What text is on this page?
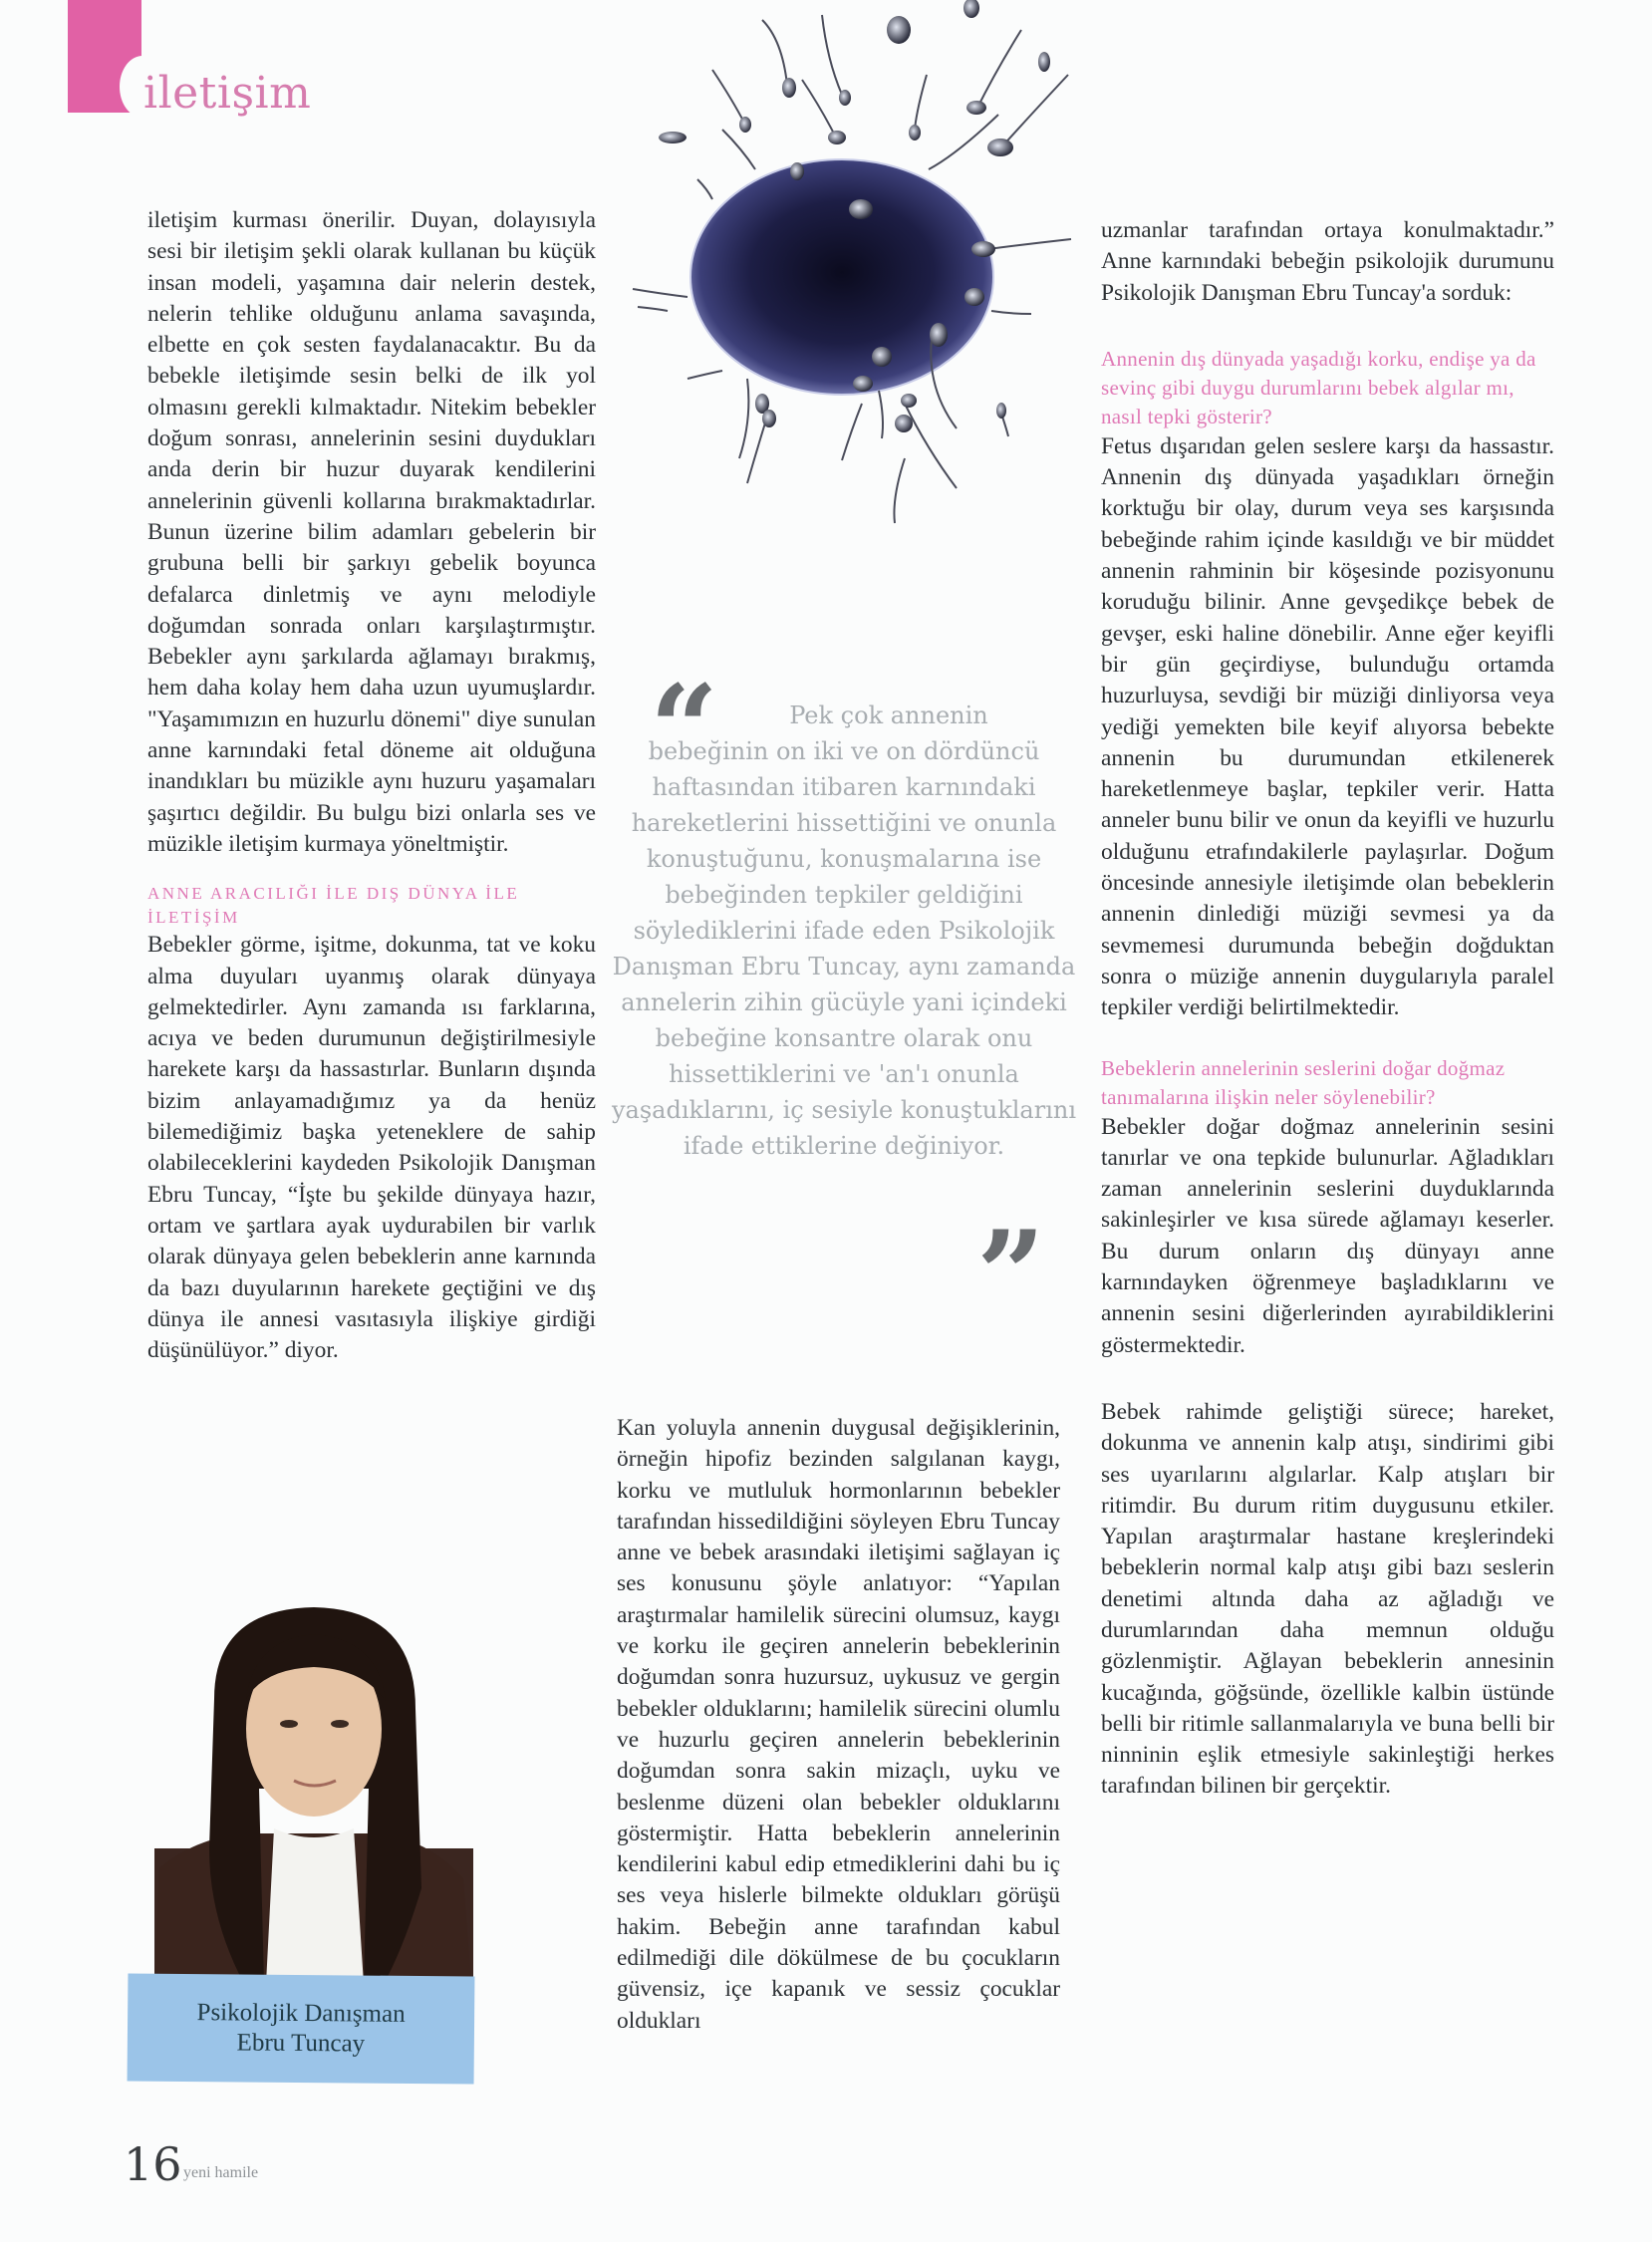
iletişim

iletişim kurması önerilir. Duyan, dolayısıyla sesi bir iletişim şekli olarak kullanan bu küçük insan modeli, yaşamına dair nelerin destek, nelerin tehlike olduğunu anlama savaşında, elbette en çok sesten faydalanacaktır. Bu da bebekle iletişimde sesin belki de ilk yol olmasını gerekli kılmaktadır. Nitekim bebekler doğum sonrası, annelerinin sesini duydukları anda derin bir huzur duyarak kendilerini annelerinin güvenli kollarına bırakmaktadırlar. Bunun üzerine bilim adamları gebelerin bir grubuna belli bir şarkıyı gebelik boyunca defalarca dinletmiş ve aynı melodiyle doğumdan sonrada onları karşılaştırmıştır. Bebekler aynı şarkılarda ağlamayı bırakmış, hem daha kolay hem daha uzun uyumuşlardır. "Yaşamımızın en huzurlu dönemi" diye sunulan anne karnındaki fetal döneme ait olduğuna inandıkları bu müzikle aynı huzuru yaşamaları şaşırtıcı değildir. Bu bulgu bizi onlarla ses ve müzikle iletişim kurmaya yöneltmiştir.

ANNE ARACILIĞI İLE DIŞ DÜNYA İLE İLETİŞİM

Bebekler görme, işitme, dokunma, tat ve koku alma duyuları uyanmış olarak dünyaya gelmektedirler. Aynı zamanda ısı farklarına, acıya ve beden durumunun değiştirilmesiyle harekete karşı da hassastırlar. Bunların dışında bizim anlayamadığımız ya da henüz bilemediğimiz başka yeteneklere de sahip olabileceklerini kaydeden Psikolojik Danışman Ebru Tuncay, “İşte bu şekilde dünyaya hazır, ortam ve şartlara ayak uydurabilen bir varlık olarak dünyaya gelen bebeklerin anne karnında da bazı duyularının harekete geçtiğini ve dış dünya ile annesi vasıtasıyla ilişkiye girdiği düşünülüyor.” diyor.

Psikolojik Danışman
Ebru Tuncay
“	Pek çok annenin
bebeğinin on iki ve on dördüncü haftasından itibaren karnındaki hareketlerini hissettiğini ve onunla konuştuğunu, konuşmalarına ise bebeğinden tepkiler geldiğini söylediklerini ifade eden Psikolojik Danışman Ebru Tuncay, aynı zamanda annelerin zihin gücüyle yani içindeki bebeğine konsantre olarak onu hissettiklerini ve 'an'ı onunla yaşadıklarını, iç sesiyle konuştuklarını ifade ettiklerine değiniyor.
”

Kan yoluyla annenin duygusal değişiklerinin, örneğin hipofiz bezinden salgılanan kaygı, korku ve mutluluk hormonlarının bebekler tarafından hissedildiğini söyleyen Ebru Tuncay anne ve bebek arasındaki iletişimi sağlayan iç ses konusunu şöyle anlatıyor: “Yapılan araştırmalar hamilelik sürecini olumsuz, kaygı ve korku ile geçiren annelerin bebeklerinin doğumdan sonra huzursuz, uykusuz ve gergin bebekler olduklarını; hamilelik sürecini olumlu ve huzurlu geçiren annelerin bebeklerinin doğumdan sonra sakin mizaçlı, uyku ve beslenme düzeni olan bebekler olduklarını göstermiştir. Hatta bebeklerin annelerinin kendilerini kabul edip etmediklerini dahi bu iç ses veya hislerle bilmekte oldukları görüşü hakim. Bebeğin anne tarafından kabul edilmediği dile dökülmese de bu çocukların güvensiz, içe kapanık ve sessiz çocuklar oldukları

uzmanlar tarafından ortaya konulmaktadır.” Anne karnındaki bebeğin psikolojik durumunu Psikolojik Danışman Ebru Tuncay'a sorduk:

Annenin dış dünyada yaşadığı korku, endişe ya da sevinç gibi duygu durumlarını bebek algılar mı, nasıl tepki gösterir?

Fetus dışarıdan gelen seslere karşı da hassastır. Annenin dış dünyada yaşadıkları örneğin korktuğu bir olay, durum veya ses karşısında bebeğinde rahim içinde kasıldığı ve bir müddet annenin rahminin bir köşesinde pozisyonunu koruduğu bilinir. Anne gevşedikçe bebek de gevşer, eski haline dönebilir. Anne eğer keyifli bir gün geçirdiyse, bulunduğu ortamda huzurluysa, sevdiği bir müziği dinliyorsa veya yediği yemekten bile keyif alıyorsa bebekte annenin bu durumundan etkilenerek hareketlenmeye başlar, tepkiler verir. Hatta anneler bunu bilir ve onun da keyifli ve huzurlu olduğunu etrafındakilerle paylaşırlar. Doğum öncesinde annesiyle iletişimde olan bebeklerin annenin dinlediği müziği sevmesi ya da sevmemesi durumunda bebeğin doğduktan sonra o müziğe annenin duygularıyla paralel tepkiler verdiği belirtilmektedir.

Bebeklerin annelerinin seslerini doğar doğmaz tanımalarına ilişkin neler söylenebilir?

Bebekler doğar doğmaz annelerinin sesini tanırlar ve ona tepkide bulunurlar. Ağladıkları zaman annelerinin seslerini duyduklarında sakinleşirler ve kısa sürede ağlamayı keserler. Bu durum onların dış dünyayı anne karnındayken öğrenmeye başladıklarını ve annenin sesini diğerlerinden ayırabildiklerini göstermektedir.

Bebek rahimde geliştiği sürece; hareket, dokunma ve annenin kalp atışı, sindirimi gibi ses uyarılarını algılarlar. Kalp atışları bir ritimdir. Bu durum ritim duygusunu etkiler. Yapılan araştırmalar hastane kreşlerindeki bebeklerin normal kalp atışı gibi bazı seslerin denetimi altında daha az ağladığı ve durumlarından daha memnun olduğu gözlenmiştir. Ağlayan bebeklerin annesinin kucağında, göğsünde, özellikle kalbin üstünde belli bir ritimle sallanmalarıyla ve buna belli bir ninninin eşlik etmesiyle sakinleştiği herkes tarafından bilinen bir gerçektir.

16 yeni hamile
